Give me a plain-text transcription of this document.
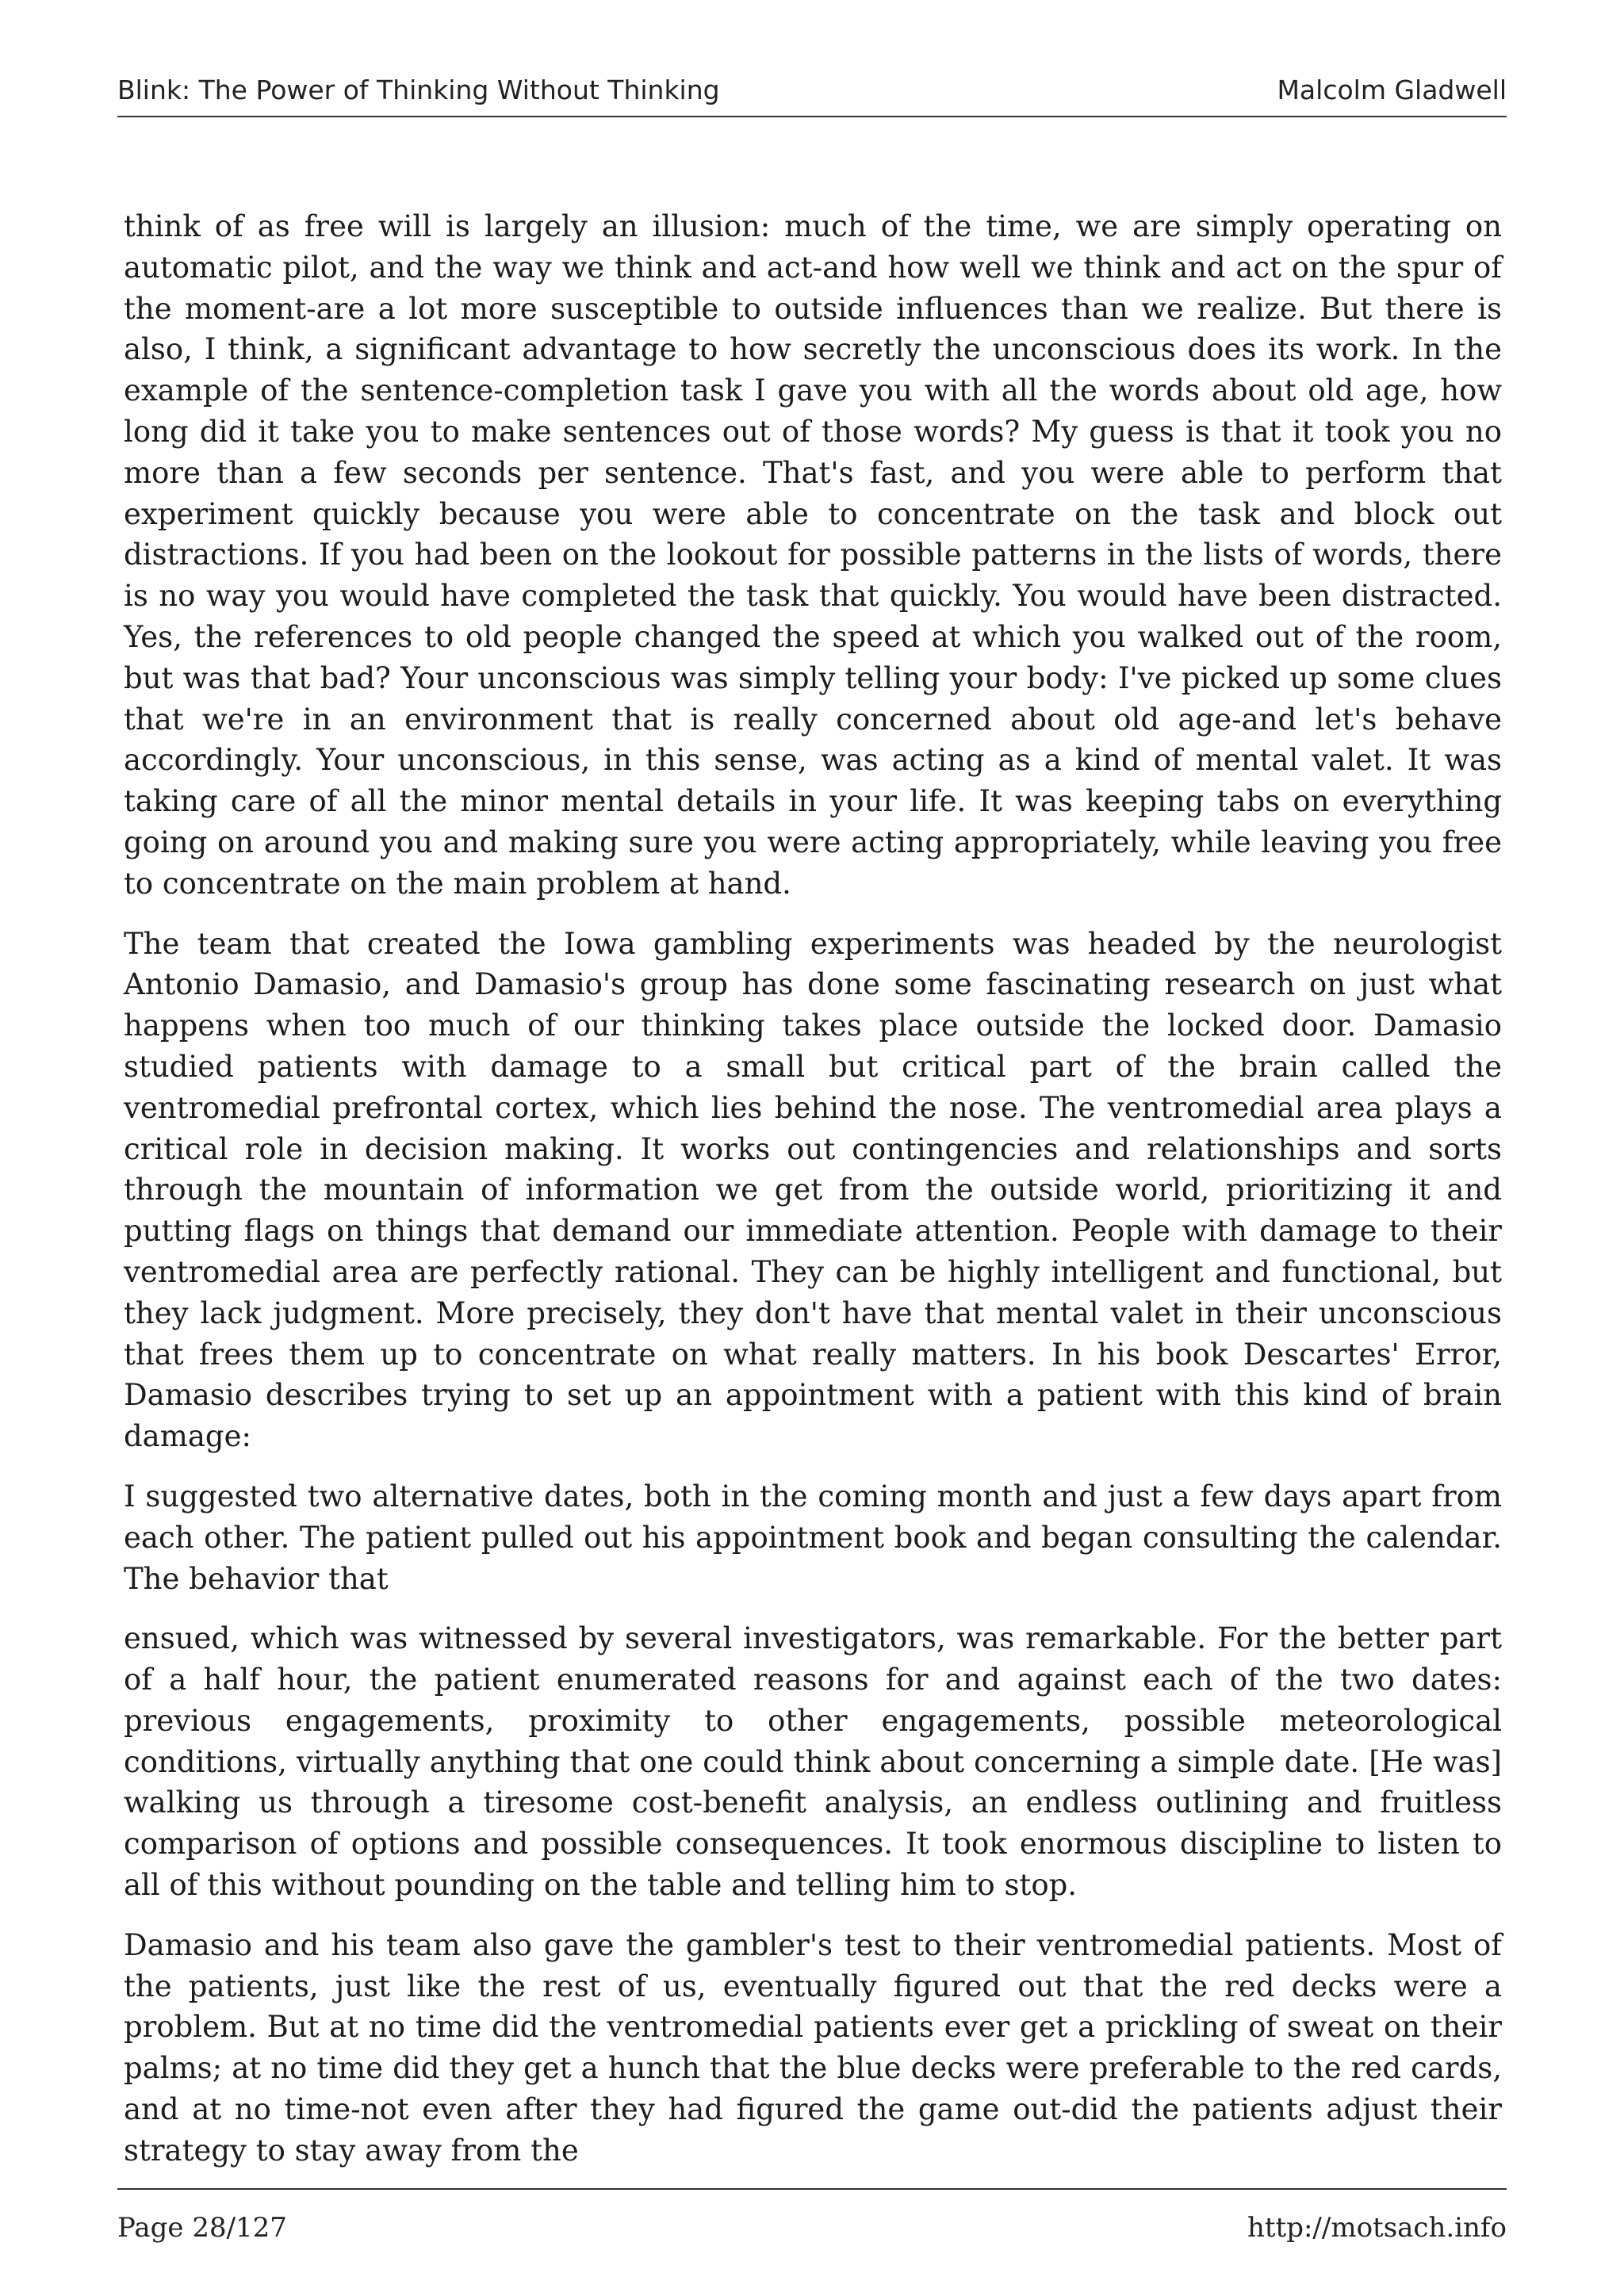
Blink: The Power of Thinking Without Thinking	Malcolm Gladwell

think of as free will is largely an illusion: much of the time, we are simply operating on automatic pilot, and the way we think and act-and how well we think and act on the spur of the moment-are a lot more susceptible to outside influences than we realize. But there is also, I think, a significant advantage to how secretly the unconscious does its work. In the example of the sentence-completion task I gave you with all the words about old age, how long did it take you to make sentences out of those words? My guess is that it took you no more than a few seconds per sentence. That's fast, and you were able to perform that experiment quickly because you were able to concentrate on the task and block out distractions. If you had been on the lookout for possible patterns in the lists of words, there is no way you would have completed the task that quickly. You would have been distracted. Yes, the references to old people changed the speed at which you walked out of the room, but was that bad? Your unconscious was simply telling your body: I've picked up some clues that we're in an environment that is really concerned about old age-and let's behave accordingly. Your unconscious, in this sense, was acting as a kind of mental valet. It was taking care of all the minor mental details in your life. It was keeping tabs on everything going on around you and making sure you were acting appropriately, while leaving you free to concentrate on the main problem at hand.

The team that created the Iowa gambling experiments was headed by the neurologist Antonio Damasio, and Damasio's group has done some fascinating research on just what happens when too much of our thinking takes place outside the locked door. Damasio studied patients with damage to a small but critical part of the brain called the ventromedial prefrontal cortex, which lies behind the nose. The ventromedial area plays a critical role in decision making. It works out contingencies and relationships and sorts through the mountain of information we get from the outside world, prioritizing it and putting flags on things that demand our immediate attention. People with damage to their ventromedial area are perfectly rational. They can be highly intelligent and functional, but they lack judgment. More precisely, they don't have that mental valet in their unconscious that frees them up to concentrate on what really matters. In his book Descartes' Error, Damasio describes trying to set up an appointment with a patient with this kind of brain damage:

I suggested two alternative dates, both in the coming month and just a few days apart from each other. The patient pulled out his appointment book and began consulting the calendar. The behavior that

ensued, which was witnessed by several investigators, was remarkable. For the better part of a half hour, the patient enumerated reasons for and against each of the two dates: previous engagements, proximity to other engagements, possible meteorological conditions, virtually anything that one could think about concerning a simple date. [He was] walking us through a tiresome cost-benefit analysis, an endless outlining and fruitless comparison of options and possible consequences. It took enormous discipline to listen to all of this without pounding on the table and telling him to stop.

Damasio and his team also gave the gambler's test to their ventromedial patients. Most of the patients, just like the rest of us, eventually figured out that the red decks were a problem. But at no time did the ventromedial patients ever get a prickling of sweat on their palms; at no time did they get a hunch that the blue decks were preferable to the red cards, and at no time-not even after they had figured the game out-did the patients adjust their strategy to stay away from the

Page 28/127	http://motsach.info
